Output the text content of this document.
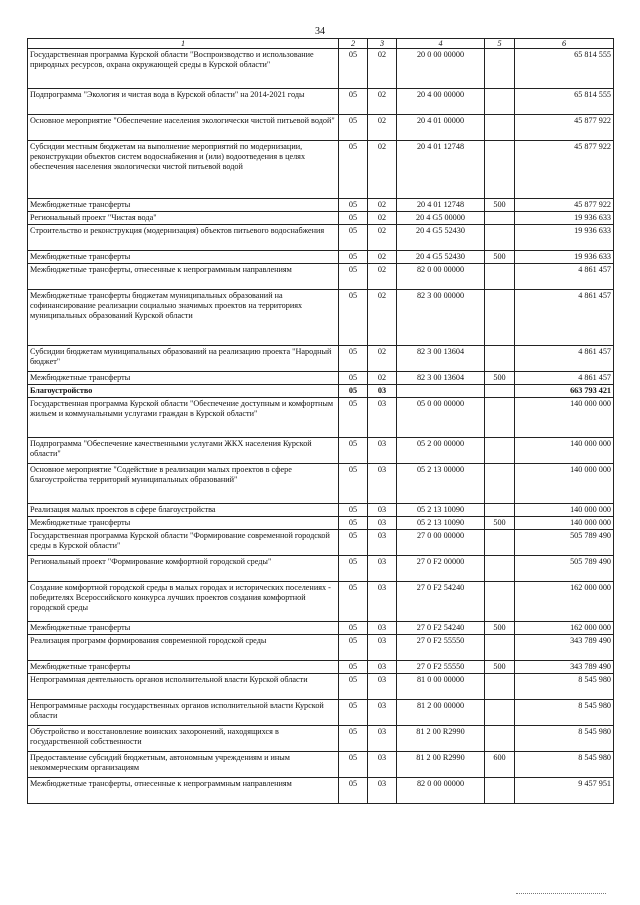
34
1	2	3	4	5	6
Государственная программа Курской области "Воспроизводство и использование природных ресурсов, охрана окружающей среды в Курской области"	05	02	20 0 00 00000		65 814 555
Подпрограмма "Экология и чистая вода в Курской области" на 2014-2021 годы	05	02	20 4 00 00000		65 814 555
Основное мероприятие "Обеспечение населения экологически чистой питьевой водой"	05	02	20 4 01 00000		45 877 922
Субсидии местным бюджетам на выполнение мероприятий по модернизации, реконструкции объектов систем водоснабжения и (или) водоотведения в целях обеспечения населения экологически чистой питьевой водой	05	02	20 4 01 12748		45 877 922
Межбюджетные трансферты	05	02	20 4 01 12748	500	45 877 922
Региональный проект "Чистая вода"	05	02	20 4 G5 00000		19 936 633
Строительство и реконструкция (модернизация) объектов питьевого водоснабжения	05	02	20 4 G5 52430		19 936 633
Межбюджетные трансферты	05	02	20 4 G5 52430	500	19 936 633
Межбюджетные трансферты, отнесенные к непрограммным направлениям	05	02	82 0 00 00000		4 861 457
Межбюджетные трансферты бюджетам муниципальных образований на софинансирование реализации социально значимых проектов на территориях муниципальных образований Курской области	05	02	82 3 00 00000		4 861 457
Субсидии бюджетам муниципальных образований на реализацию проекта "Народный бюджет"	05	02	82 3 00 13604		4 861 457
Межбюджетные трансферты	05	02	82 3 00 13604	500	4 861 457
Благоустройство	05	03			663 793 421
Государственная программа Курской области "Обеспечение доступным и комфортным жильем и коммунальными услугами граждан в Курской области"	05	03	05 0 00 00000		140 000 000
Подпрограмма "Обеспечение качественными услугами ЖКХ населения Курской области"	05	03	05 2 00 00000		140 000 000
Основное мероприятие "Содействие в реализации малых проектов в сфере благоустройства территорий муниципальных образований"	05	03	05 2 13 00000		140 000 000
Реализация малых проектов в сфере благоустройства	05	03	05 2 13 10090		140 000 000
Межбюджетные трансферты	05	03	05 2 13 10090	500	140 000 000
Государственная программа Курской области "Формирование современной городской среды в Курской области"	05	03	27 0 00 00000		505 789 490
Региональный проект "Формирование комфортной городской среды"	05	03	27 0 F2 00000		505 789 490
Создание комфортной городской среды в малых городах и исторических поселениях - победителях Всероссийского конкурса лучших проектов создания комфортной городской среды	05	03	27 0 F2 54240		162 000 000
Межбюджетные трансферты	05	03	27 0 F2 54240	500	162 000 000
Реализация программ формирования современной городской среды	05	03	27 0 F2 55550		343 789 490
Межбюджетные трансферты	05	03	27 0 F2 55550	500	343 789 490
Непрограммная деятельность органов исполнительной власти Курской области	05	03	81 0 00 00000		8 545 980
Непрограммные расходы государственных органов исполнительной власти Курской области	05	03	81 2 00 00000		8 545 980
Обустройство и восстановление воинских захоронений, находящихся в государственной собственности	05	03	81 2 00 R2990		8 545 980
Предоставление субсидий бюджетным, автономным учреждениям и иным некоммерческим организациям	05	03	81 2 00 R2990	600	8 545 980
Межбюджетные трансферты, отнесенные к непрограммным направлениям	05	03	82 0 00 00000		9 457 951
